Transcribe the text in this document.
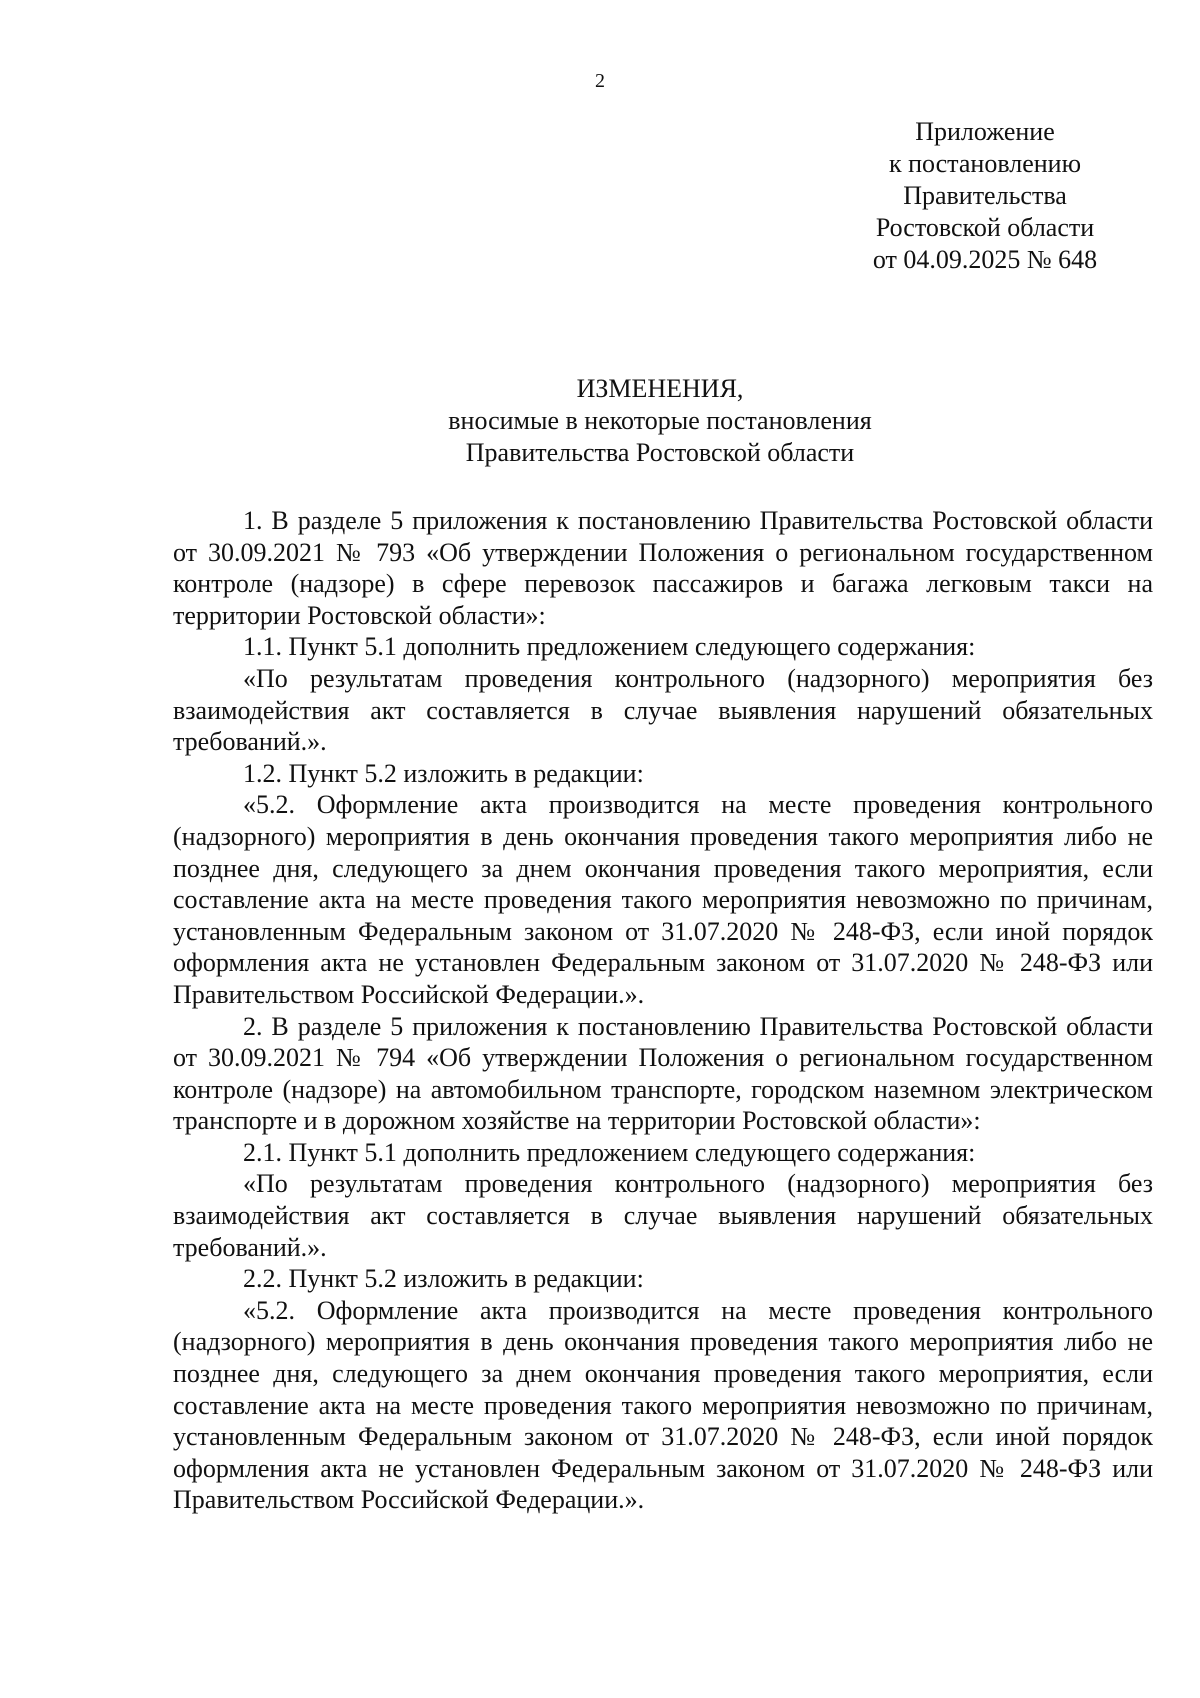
2
Приложение
к постановлению
Правительства
Ростовской области
от 04.09.2025 № 648
ИЗМЕНЕНИЯ,
вносимые в некоторые постановления
Правительства Ростовской области

1. В разделе 5 приложения к постановлению Правительства Ростовской области от 30.09.2021 № 793 «Об утверждении Положения о региональном государственном контроле (надзоре) в сфере перевозок пассажиров и багажа легковым такси на территории Ростовской области»:

1.1. Пункт 5.1 дополнить предложением следующего содержания:

«По результатам проведения контрольного (надзорного) мероприятия без взаимодействия акт составляется в случае выявления нарушений обязательных требований.».

1.2. Пункт 5.2 изложить в редакции:

«5.2. Оформление акта производится на месте проведения контрольного (надзорного) мероприятия в день окончания проведения такого мероприятия либо не позднее дня, следующего за днем окончания проведения такого мероприятия, если составление акта на месте проведения такого мероприятия невозможно по причинам, установленным Федеральным законом от 31.07.2020 № 248-ФЗ, если иной порядок оформления акта не установлен Федеральным законом от 31.07.2020 № 248-ФЗ или Правительством Российской Федерации.».

2. В разделе 5 приложения к постановлению Правительства Ростовской области от 30.09.2021 № 794 «Об утверждении Положения о региональном государственном контроле (надзоре) на автомобильном транспорте, городском наземном электрическом транспорте и в дорожном хозяйстве на территории Ростовской области»:

2.1. Пункт 5.1 дополнить предложением следующего содержания:

«По результатам проведения контрольного (надзорного) мероприятия без взаимодействия акт составляется в случае выявления нарушений обязательных требований.».

2.2. Пункт 5.2 изложить в редакции:

«5.2. Оформление акта производится на месте проведения контрольного (надзорного) мероприятия в день окончания проведения такого мероприятия либо не позднее дня, следующего за днем окончания проведения такого мероприятия, если составление акта на месте проведения такого мероприятия невозможно по причинам, установленным Федеральным законом от 31.07.2020 № 248-ФЗ, если иной порядок оформления акта не установлен Федеральным законом от 31.07.2020 № 248-ФЗ или Правительством Российской Федерации.».
